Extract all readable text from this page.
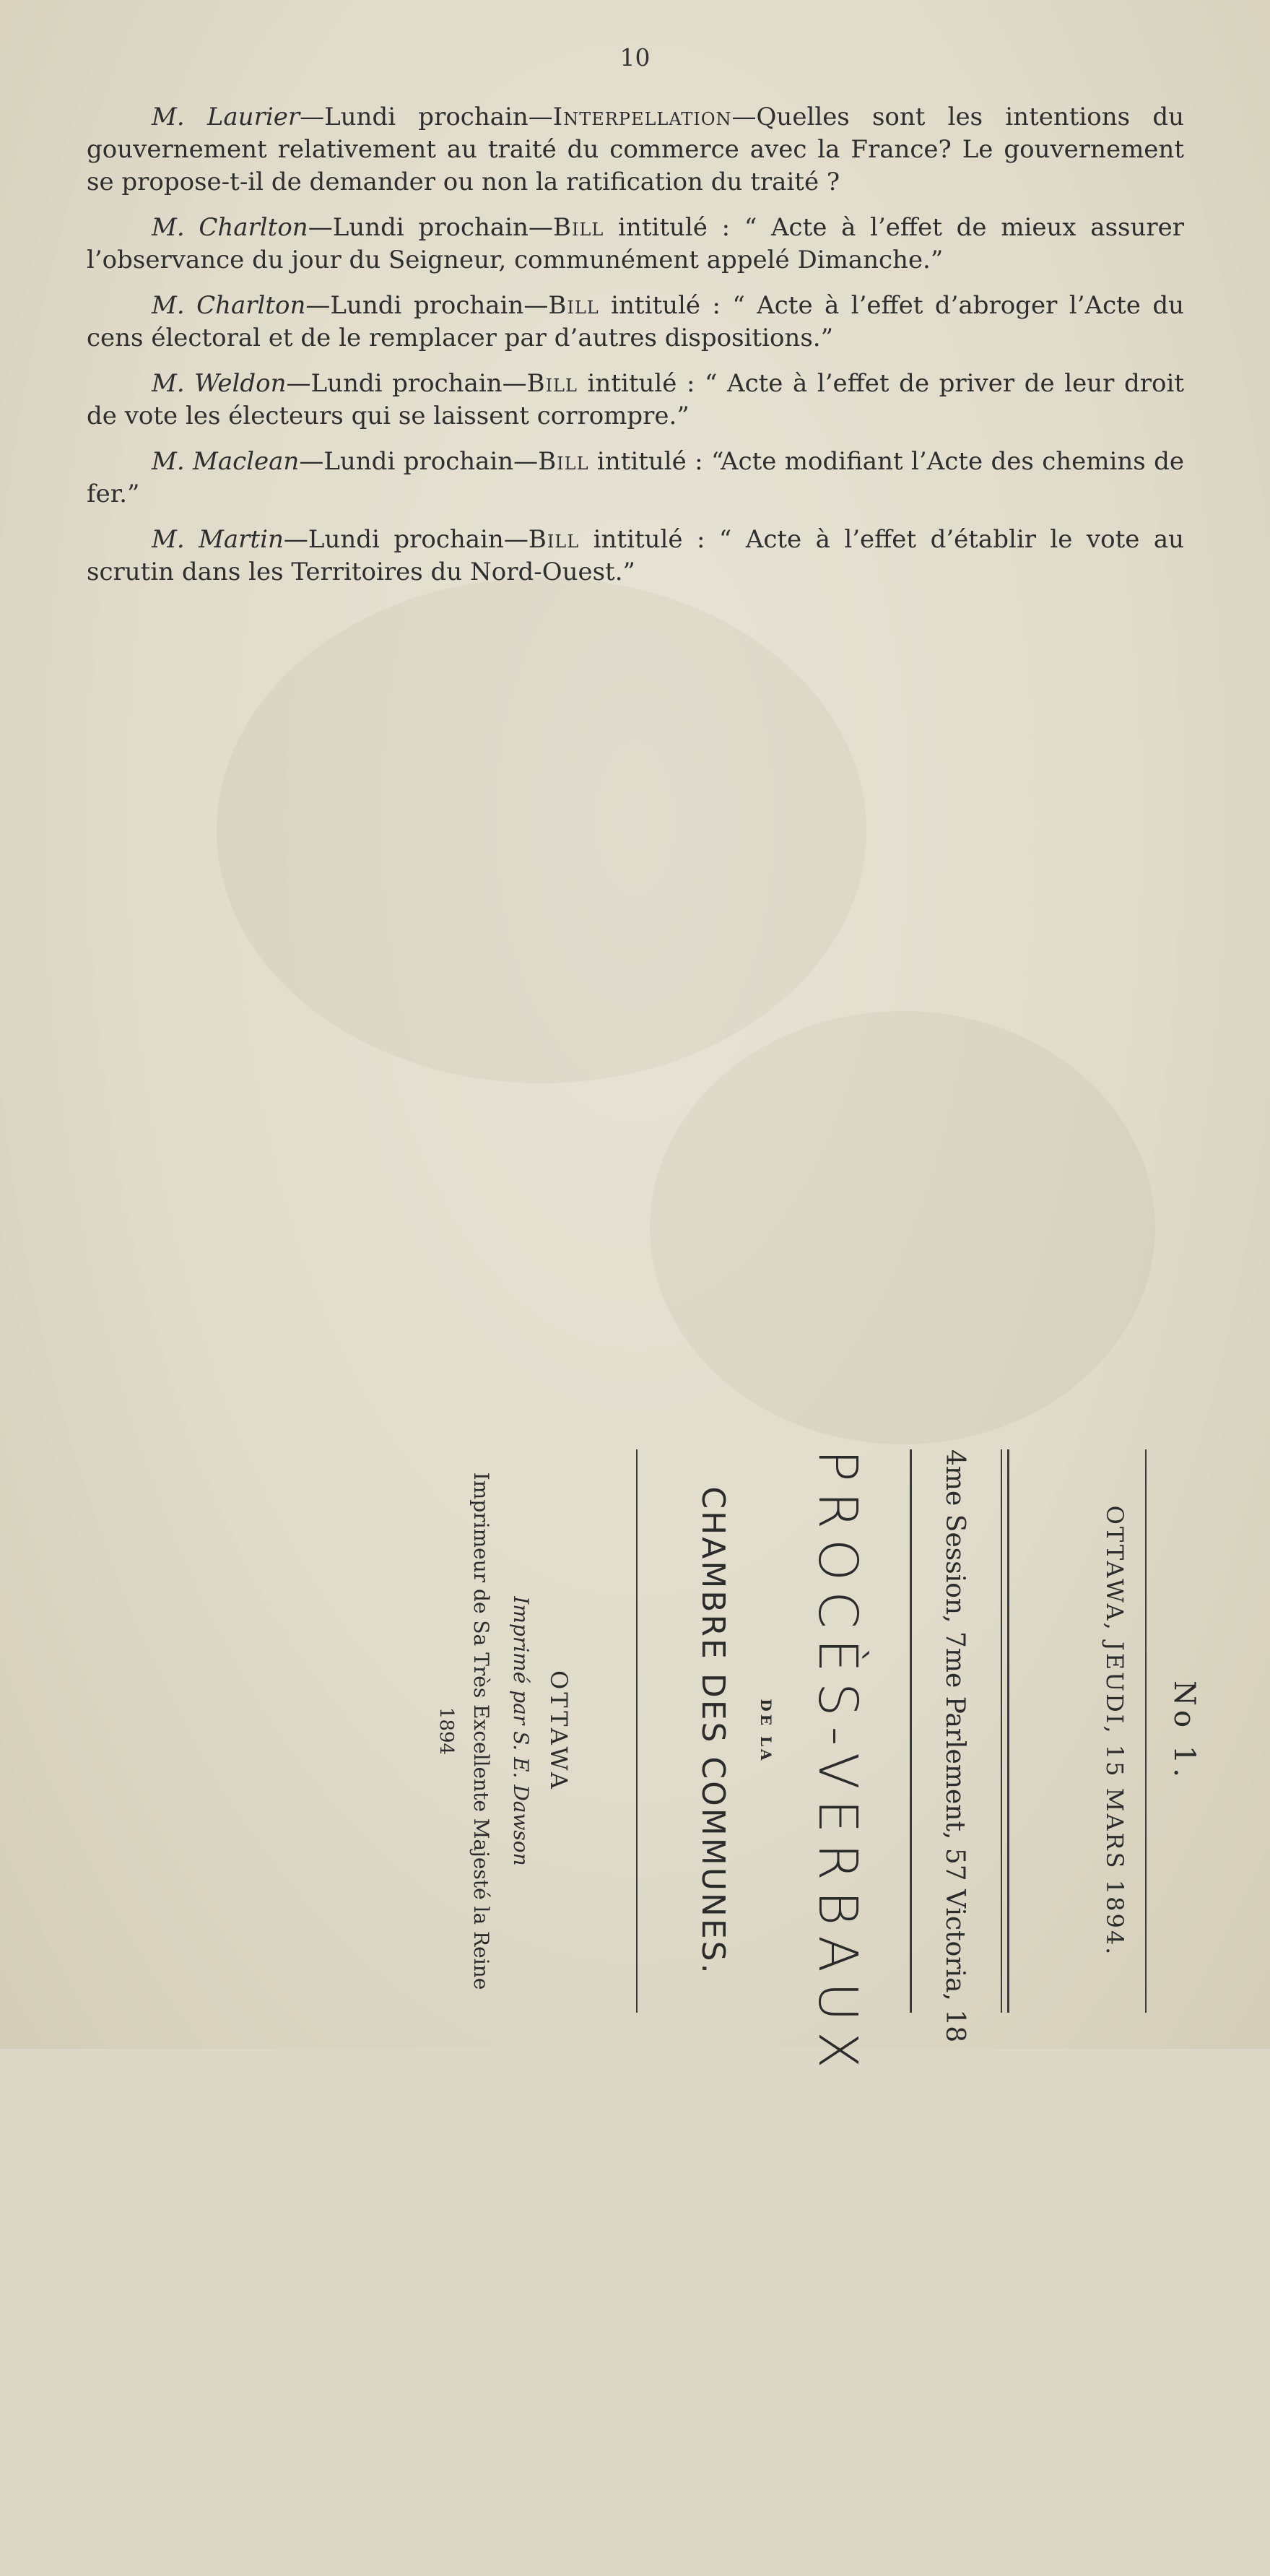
10

M. Laurier—Lundi prochain—Interpellation—Quelles sont les intentions du gouvernement relativement au traité du commerce avec la France? Le gouvernement se propose-t-il de demander ou non la ratification du traité ?

M. Charlton—Lundi prochain—Bill intitulé : “ Acte à l’effet de mieux assurer l’observance du jour du Seigneur, communément appelé Dimanche.”

M. Charlton—Lundi prochain—Bill intitulé : “ Acte à l’effet d’abroger l’Acte du cens électoral et de le remplacer par d’autres dispositions.”

M. Weldon—Lundi prochain—Bill intitulé : “ Acte à l’effet de priver de leur droit de vote les électeurs qui se laissent corrompre.”

M. Maclean—Lundi prochain—Bill intitulé : “Acte modifiant l’Acte des chemins de fer.”

M. Martin—Lundi prochain—Bill intitulé : “ Acte à l’effet d’établir le vote au scrutin dans les Territoires du Nord-Ouest.”

No 1.
OTTAWA, JEUDI, 15 MARS 1894.
4me Session, 7me Parlement, 57 Victoria, 18
PROCÈS-VERBAUX
DE LA
CHAMBRE DES COMMUNES.
OTTAWA
Imprimé par S. E. Dawson
Imprimeur de Sa Très Excellente Majesté la Reine
1894
